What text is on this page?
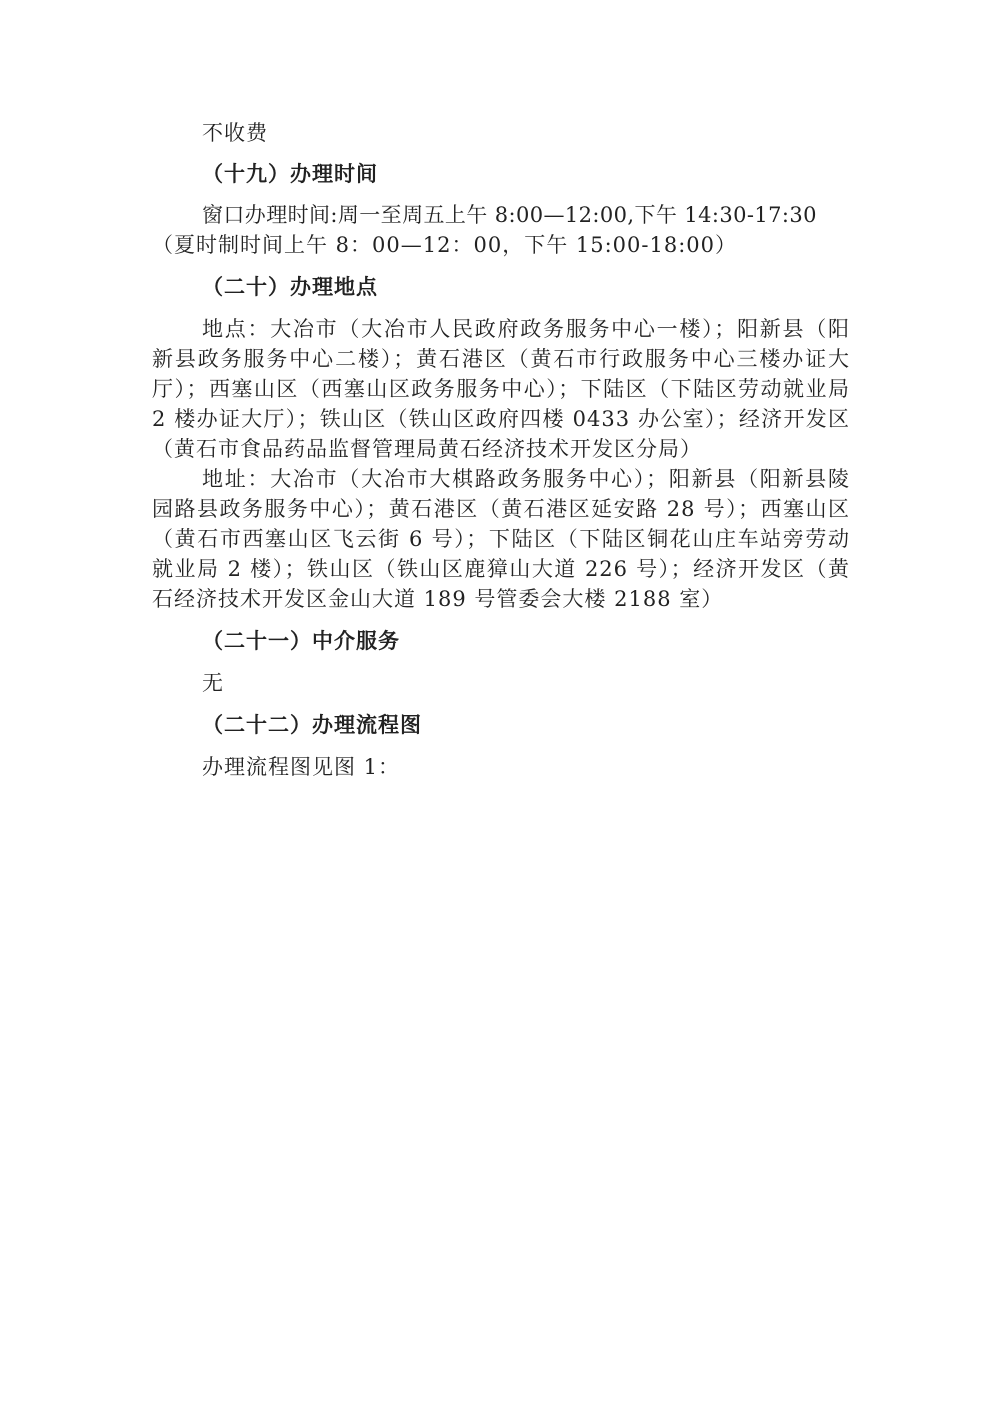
不收费

（十九）办理时间

窗口办理时间:周一至周五上午 8:00—12:00,下午 14:30-17:30

（夏时制时间上午 8：00—12：00，下午 15:00-18:00）

（二十）办理地点

地点：大冶市（大冶市人民政府政务服务中心一楼）；阳新县（阳新县政务服务中心二楼）；黄石港区（黄石市行政服务中心三楼办证大厅）；西塞山区（西塞山区政务服务中心）；下陆区（下陆区劳动就业局 2 楼办证大厅）；铁山区（铁山区政府四楼 0433 办公室）；经济开发区（黄石市食品药品监督管理局黄石经济技术开发区分局）

地址：大冶市（大冶市大棋路政务服务中心）；阳新县（阳新县陵园路县政务服务中心）；黄石港区（黄石港区延安路 28 号）；西塞山区（黄石市西塞山区飞云街 6 号）；下陆区（下陆区铜花山庄车站旁劳动就业局 2 楼）；铁山区（铁山区鹿獐山大道 226 号）；经济开发区（黄石经济技术开发区金山大道 189 号管委会大楼 2188 室）

（二十一）中介服务

无

（二十二）办理流程图

办理流程图见图 1：
